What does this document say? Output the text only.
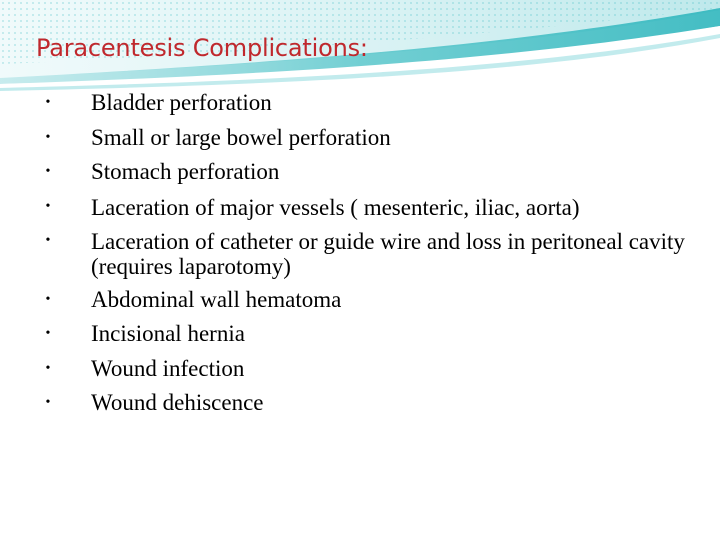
Paracentesis Complications:
• Bladder perforation
• Small or large bowel perforation
• Stomach perforation
• Laceration of major vessels ( mesenteric, iliac, aorta)
• Laceration of catheter or guide wire and loss in peritoneal cavity (requires laparotomy)
• Abdominal wall hematoma
• Incisional hernia
• Wound infection
• Wound dehiscence
